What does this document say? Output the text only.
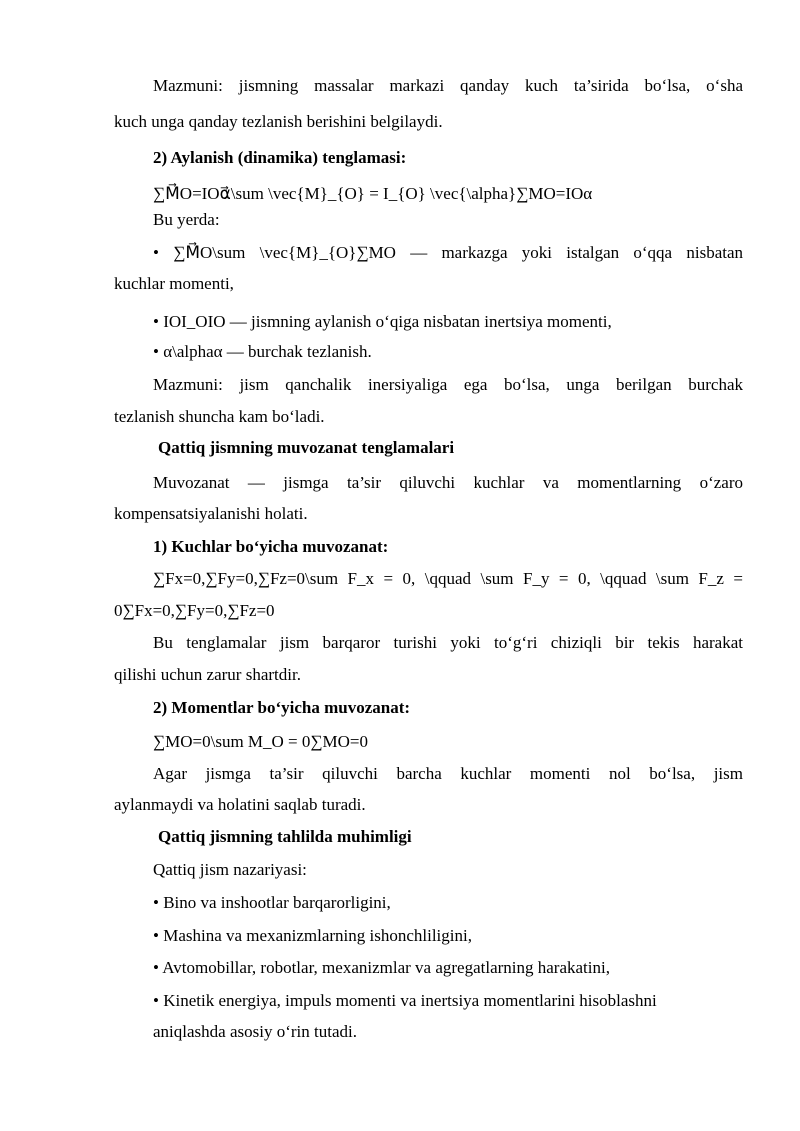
Mazmuni: jismning massalar markazi qanday kuch ta’sirida bo‘lsa, o‘sha
kuch unga qanday tezlanish berishini belgilaydi.
2) Aylanish (dinamika) tenglamasi:
∑M⃗O=IOα⃗\sum \vec{M}_{O} = I_{O} \vec{\alpha}∑MO=IOα
Bu yerda:
• ∑M⃗O\sum \vec{M}_{O}∑MO — markazga yoki istalgan o‘qqa nisbatan
kuchlar momenti,
• IOI_OIO — jismning aylanish o‘qiga nisbatan inertsiya momenti,
• α\alphaα — burchak tezlanish.
Mazmuni: jism qanchalik inersiyaliga ega bo‘lsa, unga berilgan burchak
tezlanish shuncha kam bo‘ladi.
Qattiq jismning muvozanat tenglamalari
Muvozanat — jismga ta’sir qiluvchi kuchlar va momentlarning o‘zaro
kompensatsiyalanishi holati.
1) Kuchlar bo‘yicha muvozanat:
∑Fx=0,∑Fy=0,∑Fz=0\sum F_x = 0, \qquad \sum F_y = 0, \qquad \sum F_z =
0∑Fx=0,∑Fy=0,∑Fz=0
Bu tenglamalar jism barqaror turishi yoki to‘g‘ri chiziqli bir tekis harakat
qilishi uchun zarur shartdir.
2) Momentlar bo‘yicha muvozanat:
∑MO=0\sum M_O = 0∑MO=0
Agar jismga ta’sir qiluvchi barcha kuchlar momenti nol bo‘lsa, jism
aylanmaydi va holatini saqlab turadi.
Qattiq jismning tahlilda muhimligi
Qattiq jism nazariyasi:
• Bino va inshootlar barqarorligini,
• Mashina va mexanizmlarning ishonchliligini,
• Avtomobillar, robotlar, mexanizmlar va agregatlarning harakatini,
• Kinetik energiya, impuls momenti va inertsiya momentlarini hisoblashni
aniqlashda asosiy o‘rin tutadi.
